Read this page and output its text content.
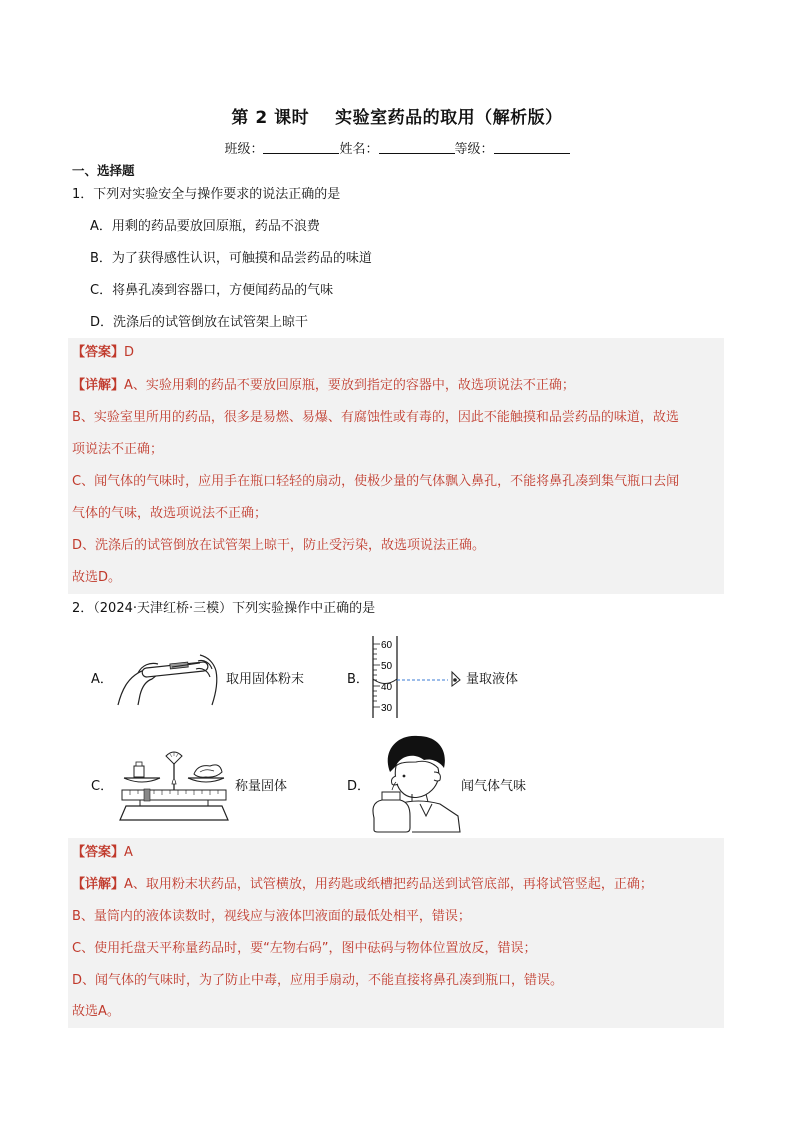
第 2 课时 实验室药品的取用（解析版）
班级：	姓名：	等级：
一、选择题
1．下列对实验安全与操作要求的说法正确的是
A．用剩的药品要放回原瓶，药品不浪费
B．为了获得感性认识，可触摸和品尝药品的味道
C．将鼻孔凑到容器口，方便闻药品的气味
D．洗涤后的试管倒放在试管架上晾干
【答案】D
【详解】A、实验用剩的药品不要放回原瓶，要放到指定的容器中，故选项说法不正确；
B、实验室里所用的药品，很多是易燃、易爆、有腐蚀性或有毒的，因此不能触摸和品尝药品的味道，故选
项说法不正确；
C、闻气体的气味时，应用手在瓶口轻轻的扇动，使极少量的气体飘入鼻孔，不能将鼻孔凑到集气瓶口去闻
气体的气味，故选项说法不正确；
D、洗涤后的试管倒放在试管架上晾干，防止受污染，故选项说法正确。
故选D。
2．（2024·天津红桥·三模）下列实验操作中正确的是
A．	取用固体粉末	B．
60
50
40
30
量取液体
C．	称量固体	D．	闻气体气味
【答案】A
【详解】A、取用粉末状药品，试管横放，用药匙或纸槽把药品送到试管底部，再将试管竖起，正确；
B、量筒内的液体读数时，视线应与液体凹液面的最低处相平，错误；
C、使用托盘天平称量药品时，要“左物右码”，图中砝码与物体位置放反，错误；
D、闻气体的气味时，为了防止中毒，应用手扇动，不能直接将鼻孔凑到瓶口，错误。
故选A。
